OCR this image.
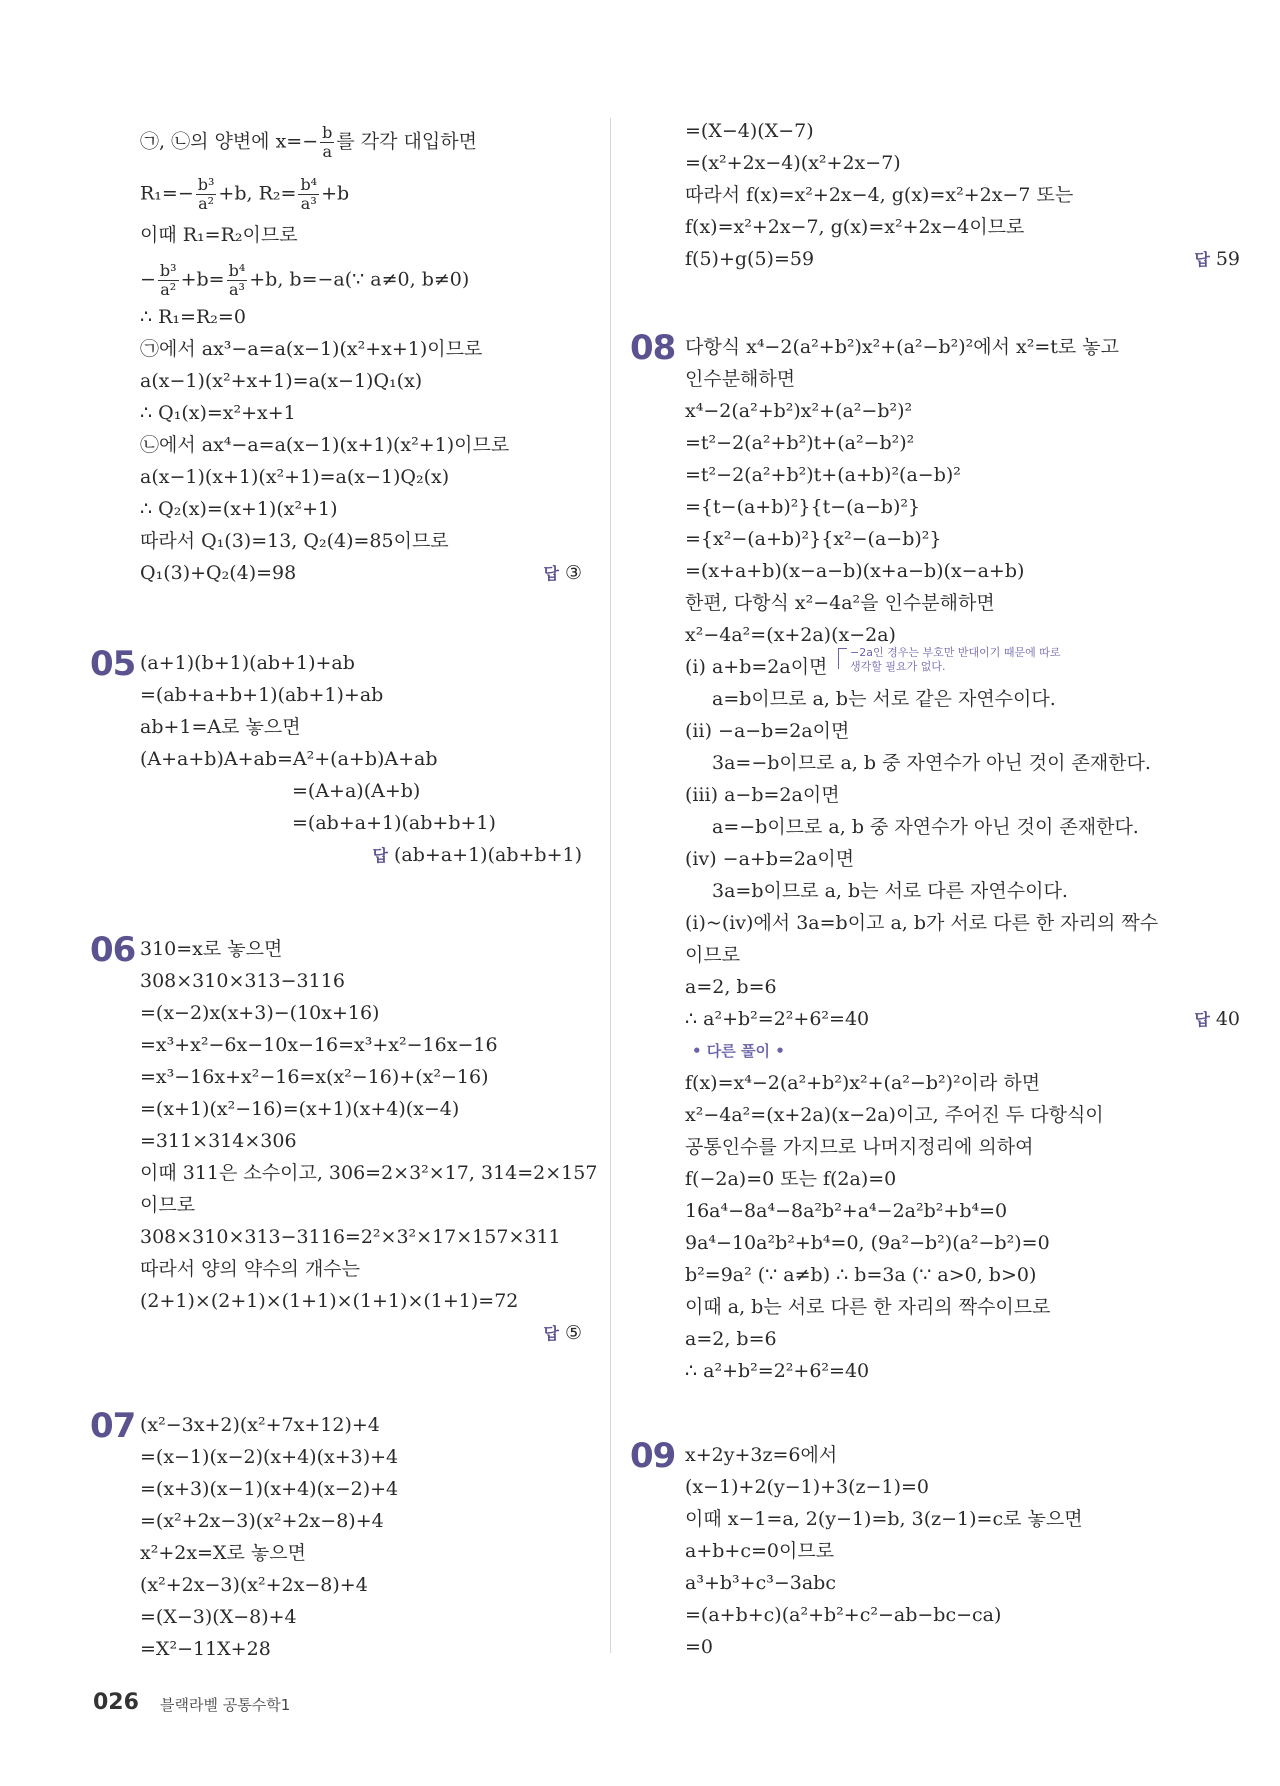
㉠, ㉡의 양변에 $x=- \frac{b}{a}$ 를 각각 대입하면
$R_1=- \frac{\text{b³}}{\text{a²}} +b$, $R_2= \frac{\text{b⁴}}{\text{a³}} +b$
이때 R₁=R₂이므로
− $\frac{\text{b³}}{\text{a²}} +b= \frac{\text{b⁴}}{\text{a³}} +b$, b=−a(∵ a≠0, b≠0)
∴ R₁=R₂=0
㉠에서 ax³−a=a(x−1)(x²+x+1)이므로
a(x−1)(x²+x+1)=a(x−1)Q₁(x)
∴ Q₁(x)=x²+x+1
㉡에서 ax⁴−a=a(x−1)(x+1)(x²+1)이므로
a(x−1)(x+1)(x²+1)=a(x−1)Q₂(x)
∴ Q₂(x)=(x+1)(x²+1)
따라서 Q₁(3)=13, Q₂(4)=85이므로
Q₁(3)+Q₂(4)=98	답 ③
05 (a+1)(b+1)(ab+1)+ab
=(ab+a+b+1)(ab+1)+ab
ab+1=A로 놓으면
(A+a+b)A+ab=A²+(a+b)A+ab
=(A+a)(A+b)
=(ab+a+1)(ab+b+1)
답 (ab+a+1)(ab+b+1)
06 310=x로 놓으면
308×310×313−3116
=(x−2)x(x+3)−(10x+16)
=x³+x²−6x−10x−16=x³+x²−16x−16
=x³−16x+x²−16=x(x²−16)+(x²−16)
=(x+1)(x²−16)=(x+1)(x+4)(x−4)
=311×314×306
이때 311은 소수이고, 306=2×3²×17, 314=2×157
이므로
308×310×313−3116=2²×3²×17×157×311
따라서 양의 약수의 개수는
(2+1)×(2+1)×(1+1)×(1+1)×(1+1)=72
답 ⑤
07 (x²−3x+2)(x²+7x+12)+4
=(x−1)(x−2)(x+4)(x+3)+4
=(x+3)(x−1)(x+4)(x−2)+4
=(x²+2x−3)(x²+2x−8)+4
x²+2x=X로 놓으면
(x²+2x−3)(x²+2x−8)+4
=(X−3)(X−8)+4
=X²−11X+28
=(X−4)(X−7)
=(x²+2x−4)(x²+2x−7)
따라서 f(x)=x²+2x−4, g(x)=x²+2x−7 또는
f(x)=x²+2x−7, g(x)=x²+2x−4이므로
f(5)+g(5)=59	답 59
08 다항식 x⁴−2(a²+b²)x²+(a²−b²)²에서 x²=t로 놓고
인수분해하면
x⁴−2(a²+b²)x²+(a²−b²)²
=t²−2(a²+b²)t+(a²−b²)²
=t²−2(a²+b²)t+(a+b)²(a−b)²
={t−(a+b)²}{t−(a−b)²}
={x²−(a+b)²}{x²−(a−b)²}
=(x+a+b)(x−a−b)(x+a−b)(x−a+b)
한편, 다항식 x²−4a²을 인수분해하면
x²−4a²=(x+2a)(x−2a)
(ⅰ) a+b=2a이면
−2a인 경우는 부호만 반대이기 때문에 따로
생각할 필요가 없다.
a=b이므로 a, b는 서로 같은 자연수이다.
(ⅱ) −a−b=2a이면
3a=−b이므로 a, b 중 자연수가 아닌 것이 존재한다.
(ⅲ) a−b=2a이면
a=−b이므로 a, b 중 자연수가 아닌 것이 존재한다.
(ⅳ) −a+b=2a이면
3a=b이므로 a, b는 서로 다른 자연수이다.
(ⅰ)~(ⅳ)에서 3a=b이고 a, b가 서로 다른 한 자리의 짝수
이므로
a=2, b=6
∴ a²+b²=2²+6²=40	답 40
• 다른 풀이 •
f(x)=x⁴−2(a²+b²)x²+(a²−b²)²이라 하면
x²−4a²=(x+2a)(x−2a)이고, 주어진 두 다항식이
공통인수를 가지므로 나머지정리에 의하여
f(−2a)=0 또는 f(2a)=0
16a⁴−8a⁴−8a²b²+a⁴−2a²b²+b⁴=0
9a⁴−10a²b²+b⁴=0, (9a²−b²)(a²−b²)=0
b²=9a² (∵ a≠b) ∴ b=3a (∵ a>0, b>0)
이때 a, b는 서로 다른 한 자리의 짝수이므로
a=2, b=6
∴ a²+b²=2²+6²=40
09 x+2y+3z=6에서
(x−1)+2(y−1)+3(z−1)=0
이때 x−1=a, 2(y−1)=b, 3(z−1)=c로 놓으면
a+b+c=0이므로
a³+b³+c³−3abc
=(a+b+c)(a²+b²+c²−ab−bc−ca)
=0
026 블랙라벨 공통수학1
